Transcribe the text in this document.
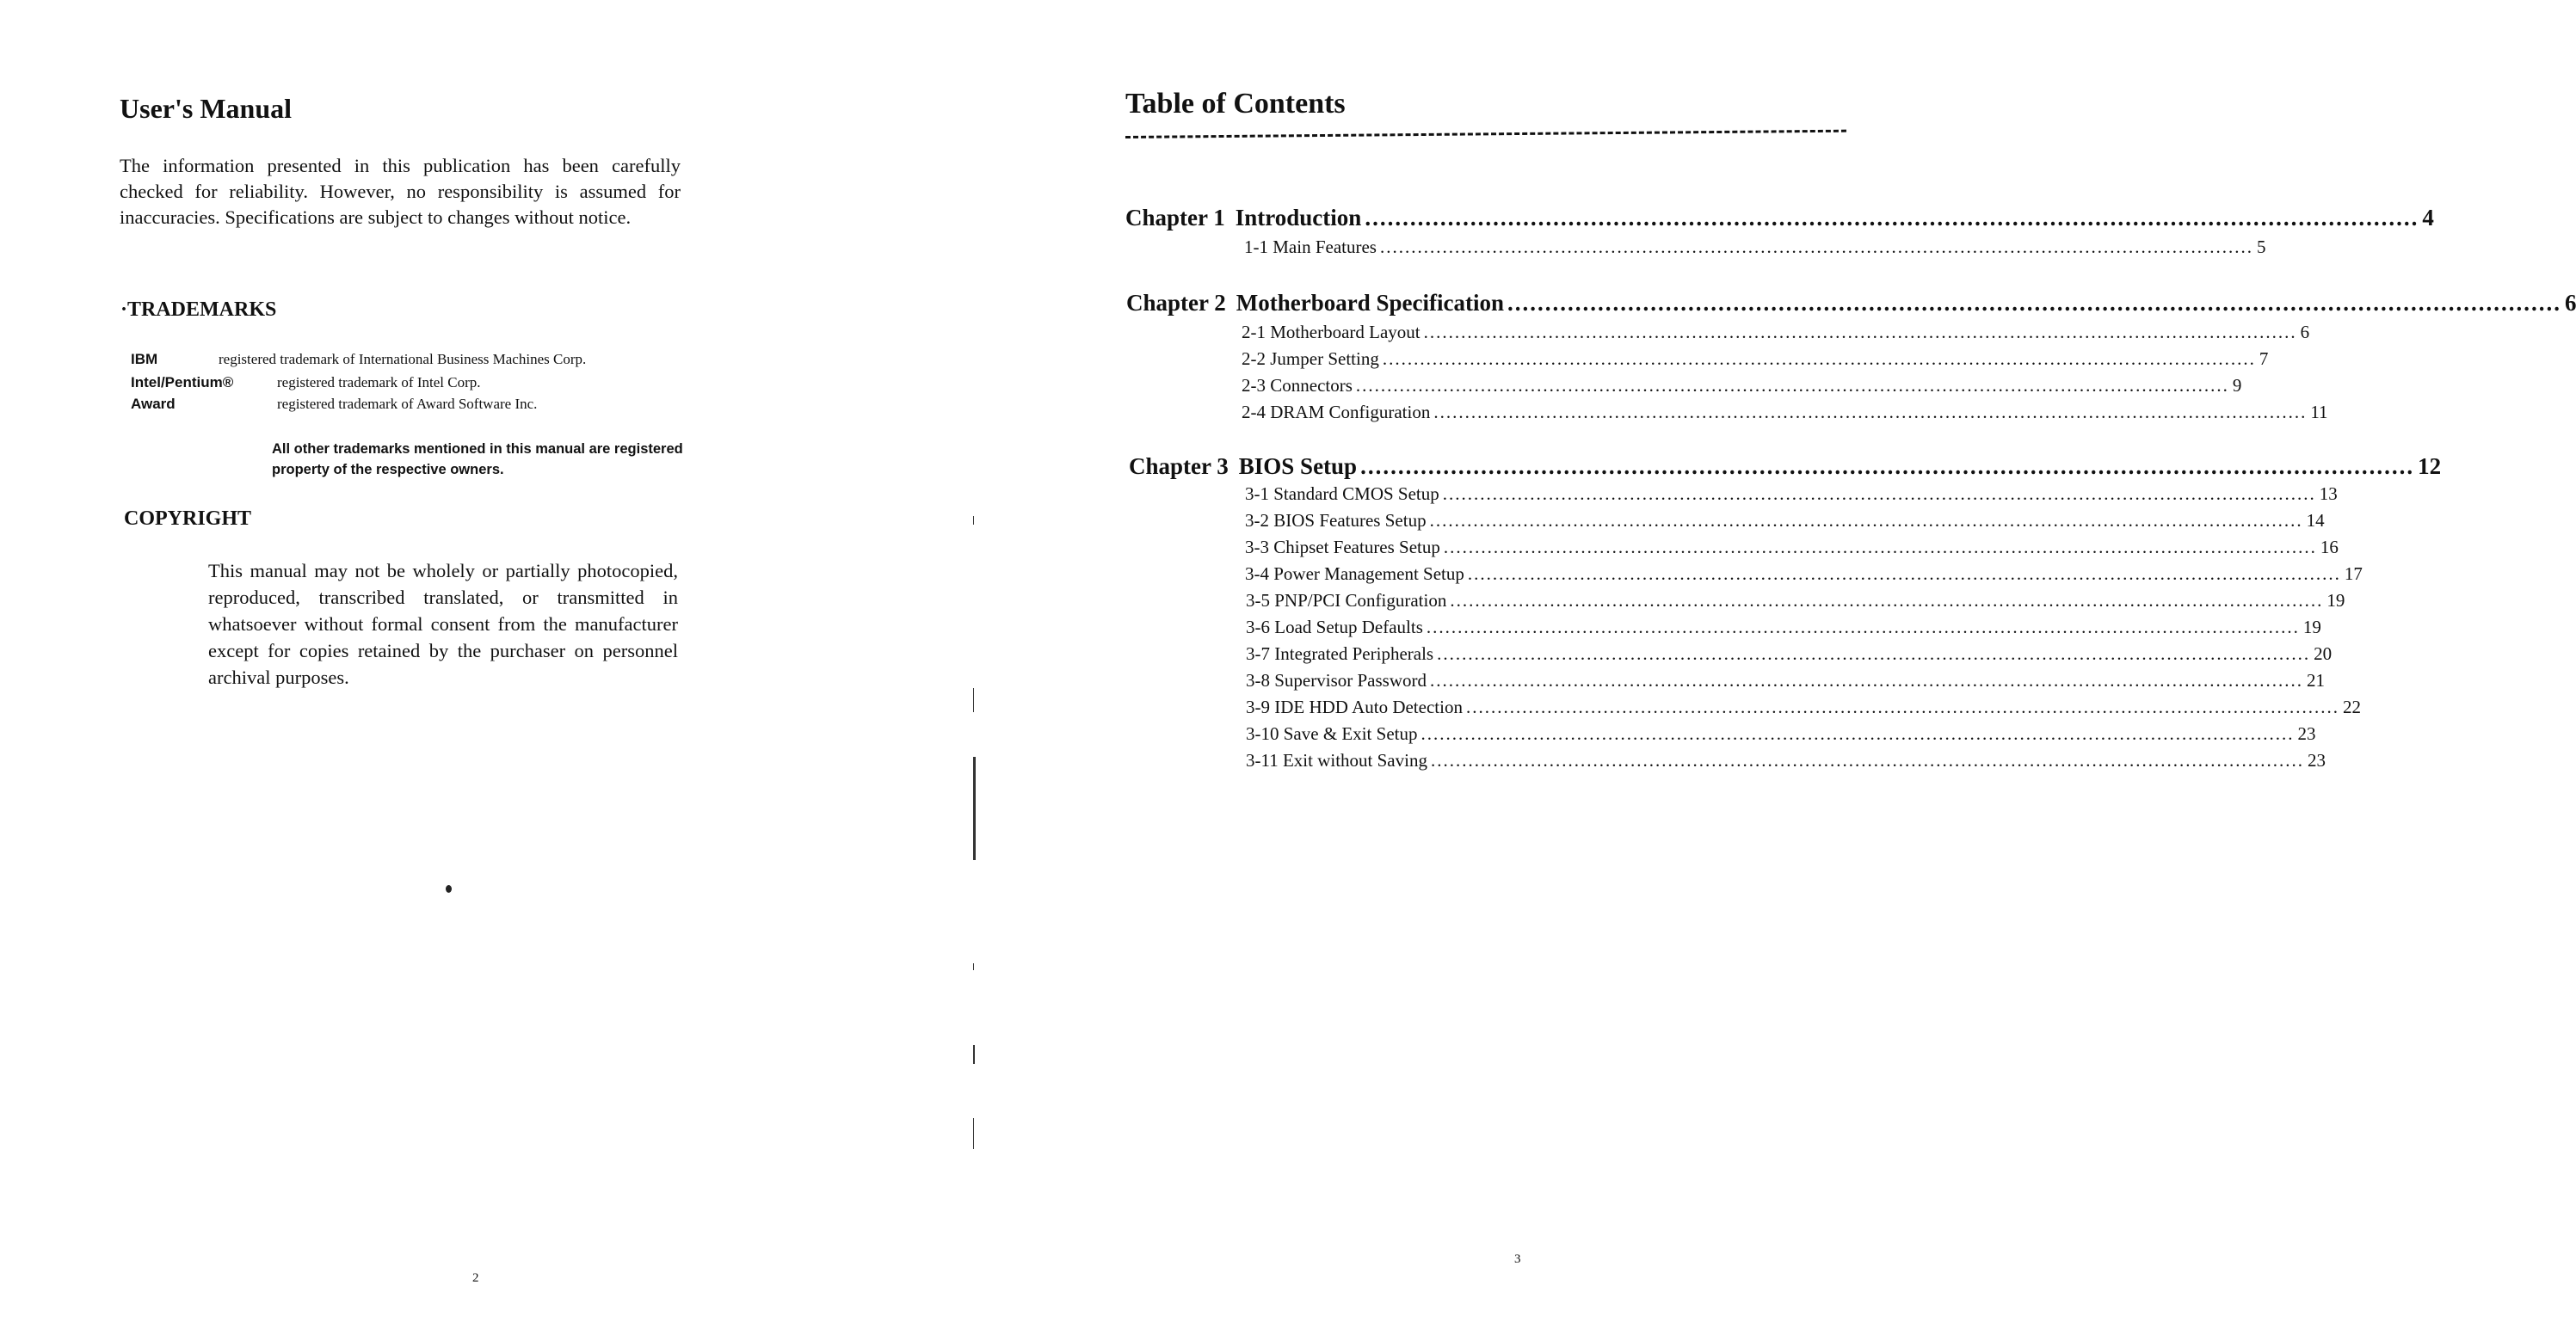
User's Manual

The information presented in this publication has been carefully checked for reliability. However, no responsibility is assumed for inaccuracies. Specifications are subject to changes without notice.

·TRADEMARKS
IBM	registered trademark of International Business Machines Corp.
Intel/Pentium®	registered trademark of Intel Corp.
Award	registered trademark of Award Software Inc.

All other trademarks mentioned in this manual are registered property of the respective owners.

COPYRIGHT

This manual may not be wholely or partially photocopied, reproduced, transcribed translated, or transmitted in whatsoever without formal consent from the manufacturer except for copies retained by the purchaser on personnel archival purposes.

2
Table of Contents
Chapter 1 Introduction ............................................................................................................................................ 4
1-1 Main Features ............................................................................................................................................ 5
Chapter 2 Motherboard Specification ............................................................................................................................................ 6
2-1 Motherboard Layout ............................................................................................................................................ 6
2-2 Jumper Setting ............................................................................................................................................ 7
2-3 Connectors ............................................................................................................................................ 9
2-4 DRAM Configuration ............................................................................................................................................ 11
Chapter 3 BIOS Setup ............................................................................................................................................ 12
3-1 Standard CMOS Setup ............................................................................................................................................ 13
3-2 BIOS Features Setup ............................................................................................................................................ 14
3-3 Chipset Features Setup ............................................................................................................................................ 16
3-4 Power Management Setup ............................................................................................................................................ 17
3-5 PNP/PCI Configuration ............................................................................................................................................ 19
3-6 Load Setup Defaults ............................................................................................................................................ 19
3-7 Integrated Peripherals ............................................................................................................................................ 20
3-8 Supervisor Password ............................................................................................................................................ 21
3-9 IDE HDD Auto Detection ............................................................................................................................................ 22
3-10 Save & Exit Setup ............................................................................................................................................ 23
3-11 Exit without Saving ............................................................................................................................................ 23
3
